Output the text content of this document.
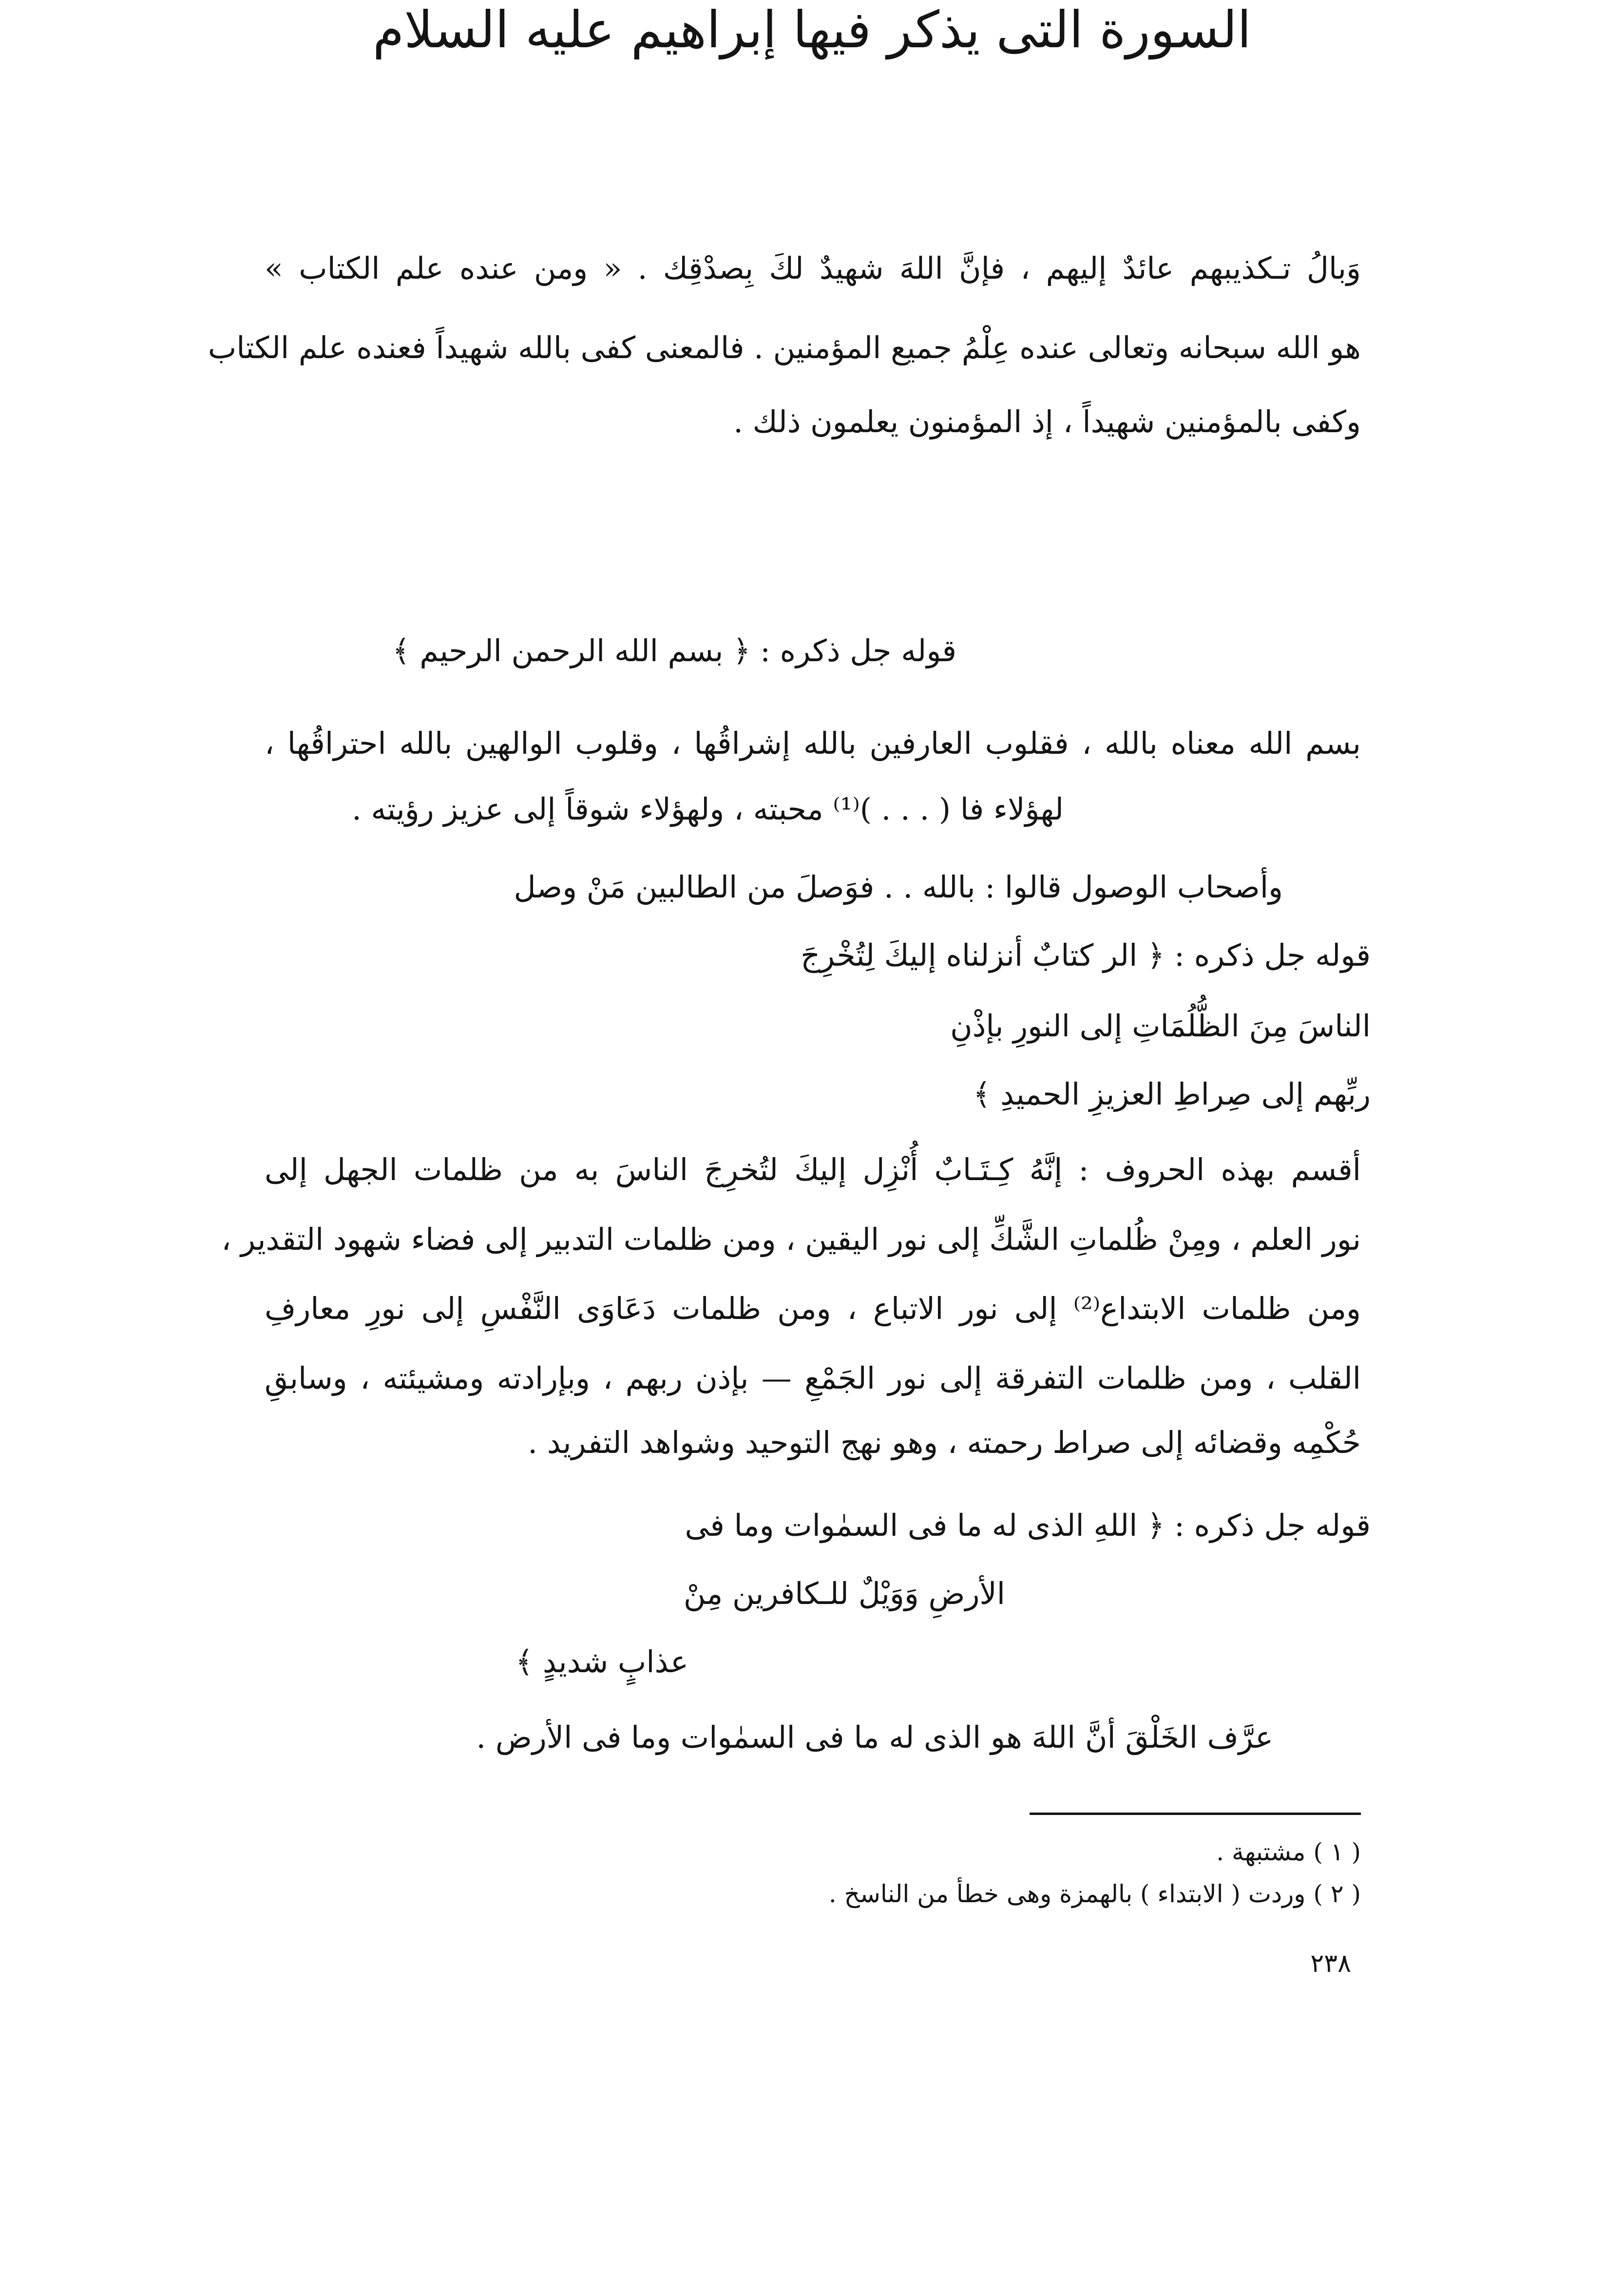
وَبالُ تـكذيبهم عائدٌ إليهم ، فإنَّ اللهَ شهيدٌ لكَ بِصدْقِك . « ومن عنده علم الكتاب »
هو الله سبحانه وتعالى عنده عِلْمُ جميع المؤمنين . فالمعنى كفى بالله شهيداً فعنده علم الكتاب
وكفى بالمؤمنين شهيداً ، إذ المؤمنون يعلمون ذلك .
السورة التى يذكر فيها إبراهيم عليه السلام
قوله جل ذكره : ﴿ بسم الله الرحمن الرحيم ﴾
بسم الله معناه بالله ، فقلوب العارفين بالله إشراقُها ، وقلوب الوالهين بالله احتراقُها ،
لهؤلاء فا ( . . . )⁽¹⁾ محبته ، ولهؤلاء شوقاً إلى عزيز رؤيته .
وأصحاب الوصول قالوا : بالله . . فوَصلَ من الطالبين مَنْ وصل
قوله جل ذكره : ﴿ الر كتابٌ أنزلناه إليكَ لِتُخْرِجَ
الناسَ مِنَ الظُّلُمَاتِ إلى النورِ بإذْنِ
ربِّهم إلى صِراطِ العزيزِ الحميدِ ﴾
أقسم بهذه الحروف : إنَّهُ كِـتَـابٌ أُنْزِل إليكَ لتُخرِجَ الناسَ به من ظلمات الجهل إلى
نور العلم ، ومِنْ ظُلماتِ الشَّكِّ إلى نور اليقين ، ومن ظلمات التدبير إلى فضاء شهود التقدير ،
ومن ظلمات الابتداع⁽²⁾ إلى نور الاتباع ، ومن ظلمات دَعَاوَى النَّفْسِ إلى نورِ معارفِ
القلب ، ومن ظلمات التفرقة إلى نور الجَمْعِ — بإذن ربهم ، وبإرادته ومشيئته ، وسابقِ
حُكْمِه وقضائه إلى صراط رحمته ، وهو نهج التوحيد وشواهد التفريد .
قوله جل ذكره : ﴿ اللهِ الذى له ما فى السمٰوات وما فى
الأرضِ وَوَيْلٌ للـكافرين مِنْ
عذابٍ شديدٍ ﴾
عرَّف الخَلْقَ أنَّ اللهَ هو الذى له ما فى السمٰوات وما فى الأرض .
( ١ ) مشتبهة .
( ٢ ) وردت ( الابتداء ) بالهمزة وهى خطأ من الناسخ .
٢٣٨
